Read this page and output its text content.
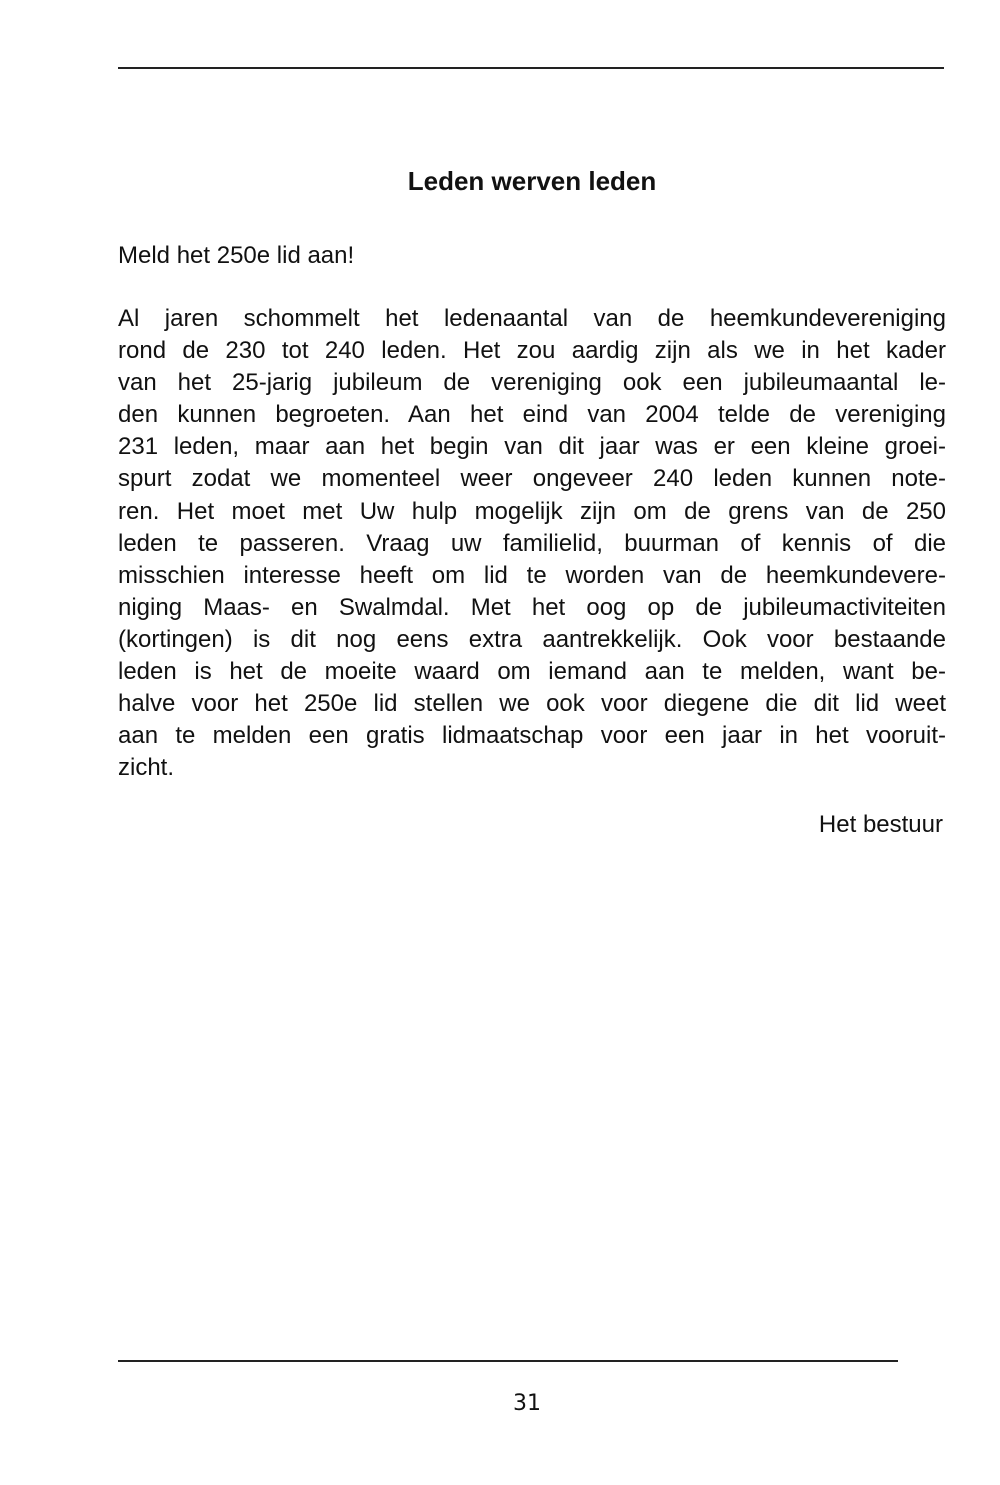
Leden werven leden

Meld het 250e lid aan!

Al jaren schommelt het ledenaantal van de heemkundevereniging
rond de 230 tot 240 leden. Het zou aardig zijn als we in het kader
van het 25-jarig jubileum de vereniging ook een jubileumaantal le-
den kunnen begroeten. Aan het eind van 2004 telde de vereniging
231 leden, maar aan het begin van dit jaar was er een kleine groei-
spurt zodat we momenteel weer ongeveer 240 leden kunnen note-
ren. Het moet met Uw hulp mogelijk zijn om de grens van de 250
leden te passeren. Vraag uw familielid, buurman of kennis of die
misschien interesse heeft om lid te worden van de heemkundevere-
niging Maas- en Swalmdal. Met het oog op de jubileumactiviteiten
(kortingen) is dit nog eens extra aantrekkelijk. Ook voor bestaande
leden is het de moeite waard om iemand aan te melden, want be-
halve voor het 250e lid stellen we ook voor diegene die dit lid weet
aan te melden een gratis lidmaatschap voor een jaar in het vooruit-
zicht.

Het bestuur

31
